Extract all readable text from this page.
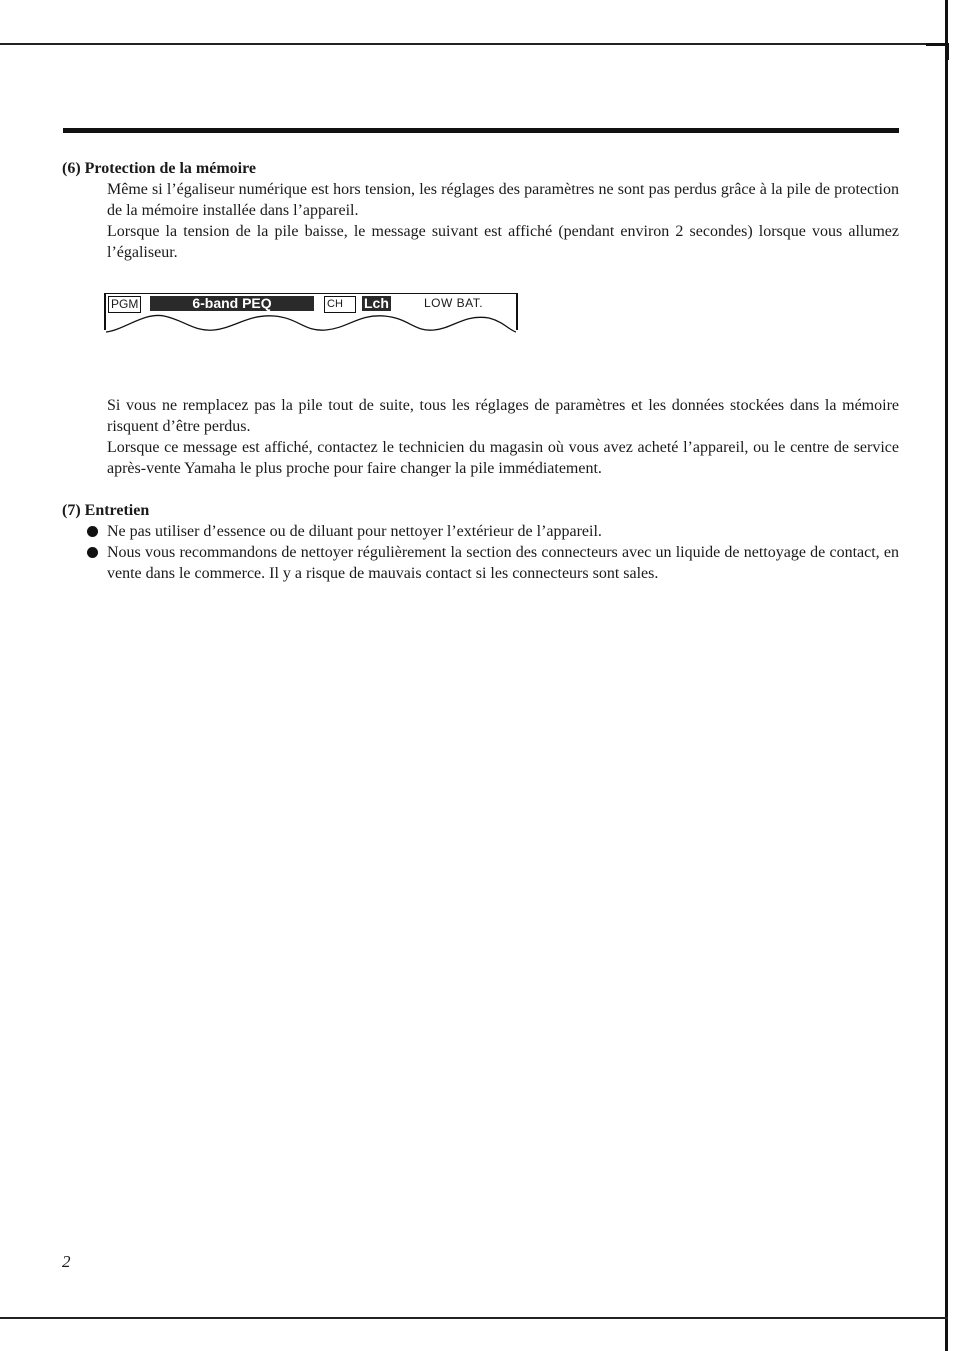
(6) Protection de la mémoire

Même si l’égaliseur numérique est hors tension, les réglages des paramètres ne sont pas perdus grâce à la pile de protection de la mémoire installée dans l’appareil.

Lorsque la tension de la pile baisse, le message suivant est affiché (pendant environ 2 secondes) lorsque vous allumez l’égaliseur.

PGM	6-band PEQ	CH	Lch	LOW BAT.

Si vous ne remplacez pas la pile tout de suite, tous les réglages de paramètres et les données stockées dans la mémoire risquent d’être perdus.

Lorsque ce message est affiché, contactez le technicien du magasin où vous avez acheté l’appareil, ou le centre de service après-vente Yamaha le plus proche pour faire changer la pile immédiatement.

(7) Entretien
Ne pas utiliser d’essence ou de diluant pour nettoyer l’extérieur de l’appareil.
Nous vous recommandons de nettoyer régulièrement la section des connecteurs avec un liquide de nettoyage de contact, en vente dans le commerce. Il y a risque de mauvais contact si les connecteurs sont sales.
2
